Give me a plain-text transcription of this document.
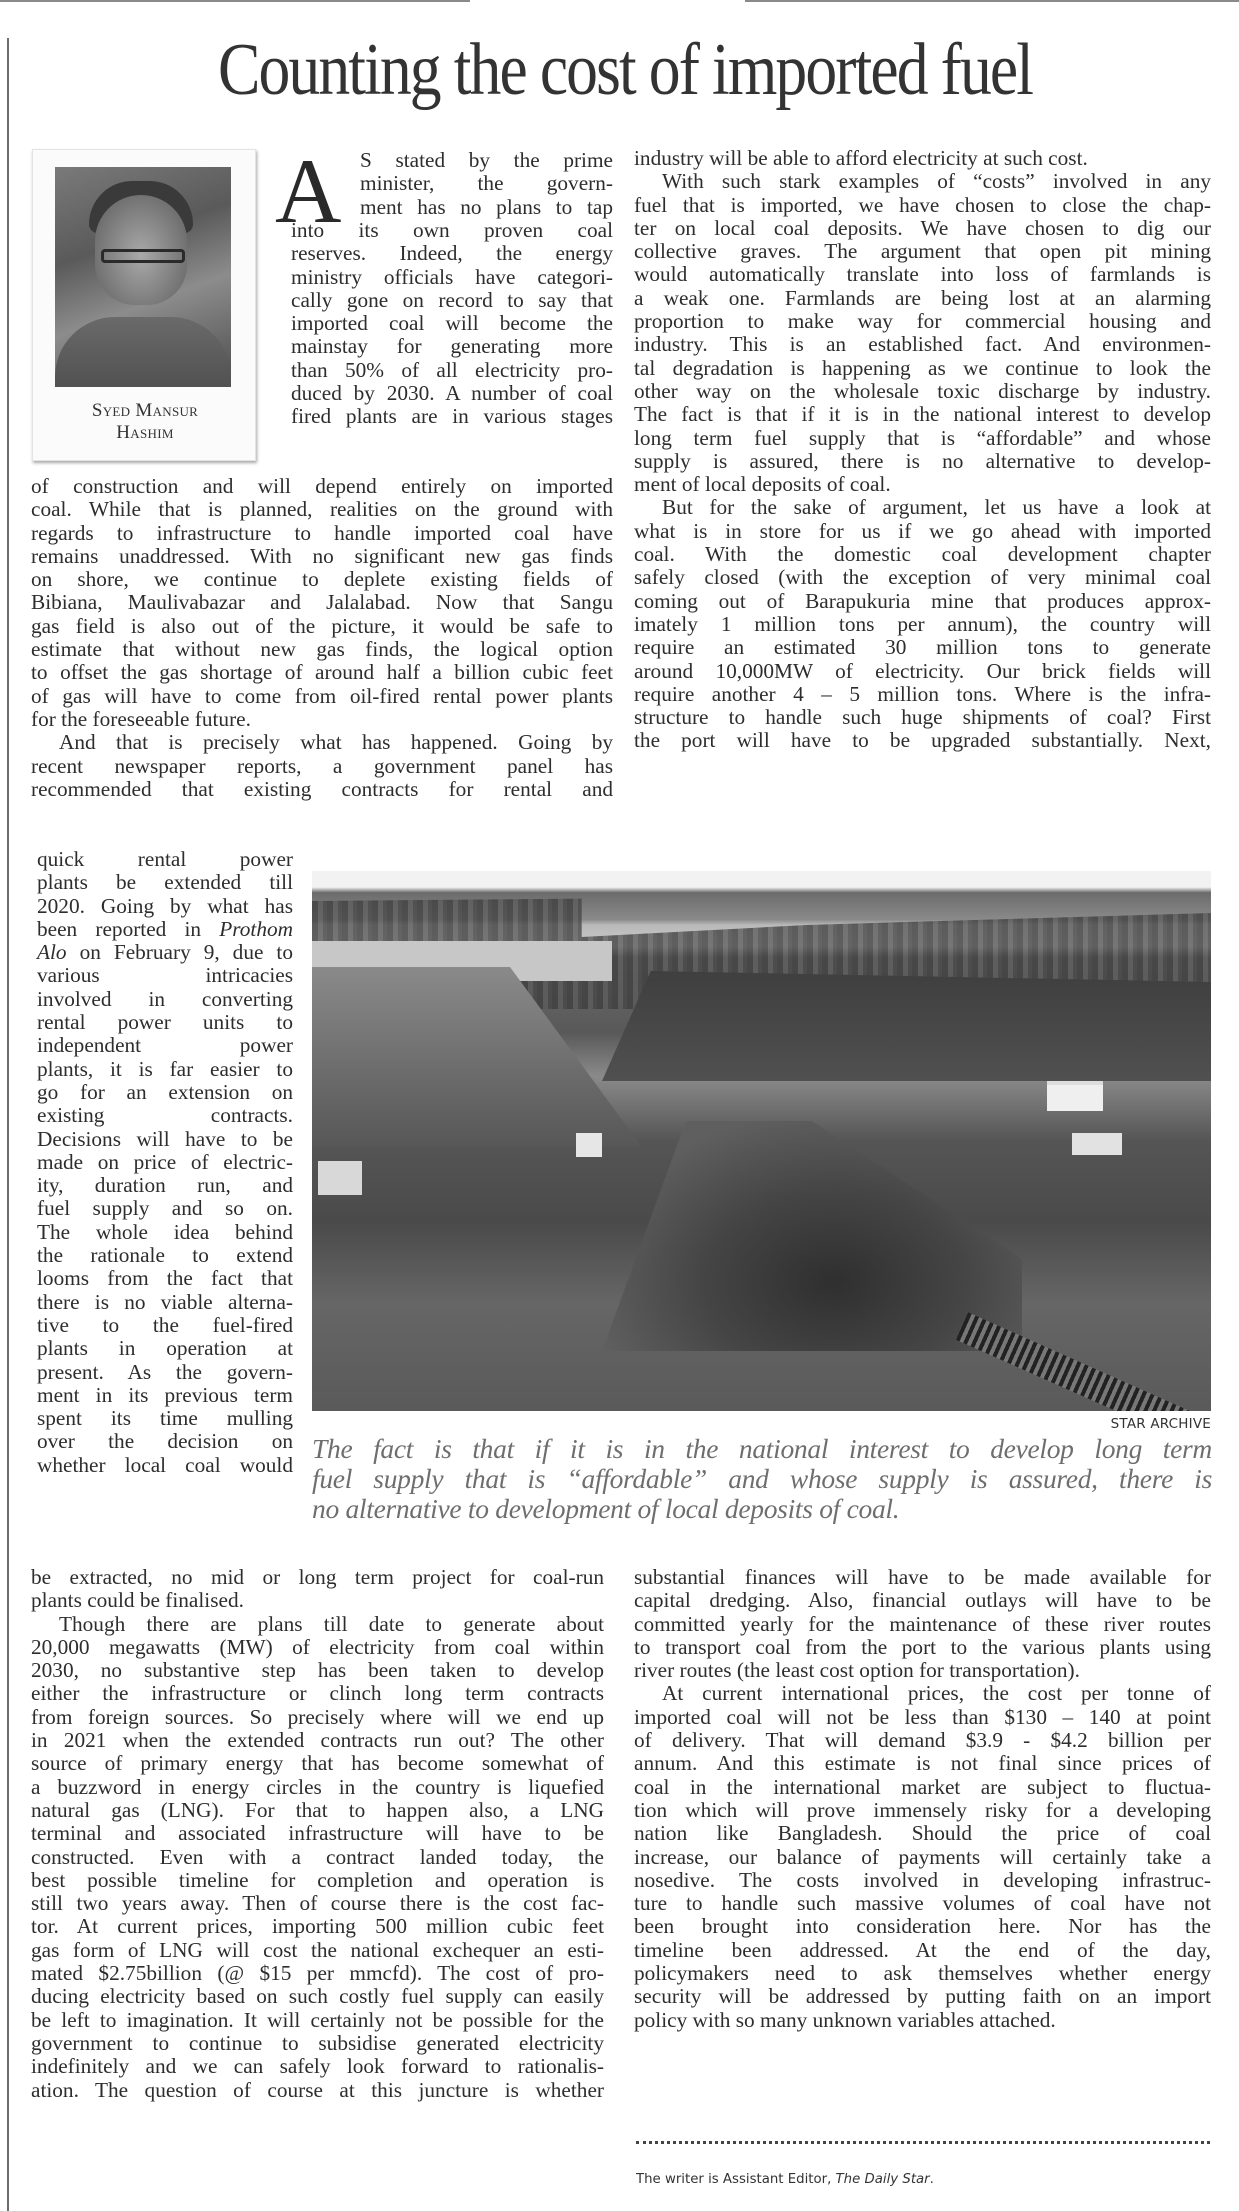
Counting the cost of imported fuel
Syed Mansur
Hashim
A S stated by the prime
minister, the govern-
ment has no plans to tap
into its own proven coal
reserves. Indeed, the energy
ministry officials have categori-
cally gone on record to say that
imported coal will become the
mainstay for generating more
than 50% of all electricity pro-
duced by 2030. A number of coal
fired plants are in various stages
of construction and will depend entirely on imported
coal. While that is planned, realities on the ground with
regards to infrastructure to handle imported coal have
remains unaddressed. With no significant new gas finds
on shore, we continue to deplete existing fields of
Bibiana, Maulivabazar and Jalalabad. Now that Sangu
gas field is also out of the picture, it would be safe to
estimate that without new gas finds, the logical option
to offset the gas shortage of around half a billion cubic feet
of gas will have to come from oil-fired rental power plants
for the foreseeable future.
And that is precisely what has happened. Going by
recent newspaper reports, a government panel has
recommended that existing contracts for rental and
quick rental power
plants be extended till
2020. Going by what has
been reported in Prothom
Alo on February 9, due to
various intricacies
involved in converting
rental power units to
independent power
plants, it is far easier to
go for an extension on
existing contracts.
Decisions will have to be
made on price of electric-
ity, duration run, and
fuel supply and so on.
The whole idea behind
the rationale to extend
looms from the fact that
there is no viable alterna-
tive to the fuel-fired
plants in operation at
present. As the govern-
ment in its previous term
spent its time mulling
over the decision on
whether local coal would
be extracted, no mid or long term project for coal-run
plants could be finalised.
Though there are plans till date to generate about
20,000 megawatts (MW) of electricity from coal within
2030, no substantive step has been taken to develop
either the infrastructure or clinch long term contracts
from foreign sources. So precisely where will we end up
in 2021 when the extended contracts run out? The other
source of primary energy that has become somewhat of
a buzzword in energy circles in the country is liquefied
natural gas (LNG). For that to happen also, a LNG
terminal and associated infrastructure will have to be
constructed. Even with a contract landed today, the
best possible timeline for completion and operation is
still two years away. Then of course there is the cost fac-
tor. At current prices, importing 500 million cubic feet
gas form of LNG will cost the national exchequer an esti-
mated $2.75billion (@ $15 per mmcfd). The cost of pro-
ducing electricity based on such costly fuel supply can easily
be left to imagination. It will certainly not be possible for the
government to continue to subsidise generated electricity
indefinitely and we can safely look forward to rationalis-
ation. The question of course at this juncture is whether
industry will be able to afford electricity at such cost.
With such stark examples of “costs” involved in any
fuel that is imported, we have chosen to close the chap-
ter on local coal deposits. We have chosen to dig our
collective graves. The argument that open pit mining
would automatically translate into loss of farmlands is
a weak one. Farmlands are being lost at an alarming
proportion to make way for commercial housing and
industry. This is an established fact. And environmen-
tal degradation is happening as we continue to look the
other way on the wholesale toxic discharge by industry.
The fact is that if it is in the national interest to develop
long term fuel supply that is “affordable” and whose
supply is assured, there is no alternative to develop-
ment of local deposits of coal.
But for the sake of argument, let us have a look at
what is in store for us if we go ahead with imported
coal. With the domestic coal development chapter
safely closed (with the exception of very minimal coal
coming out of Barapukuria mine that produces approx-
imately 1 million tons per annum), the country will
require an estimated 30 million tons to generate
around 10,000MW of electricity. Our brick fields will
require another 4 – 5 million tons. Where is the infra-
structure to handle such huge shipments of coal? First
the port will have to be upgraded substantially. Next,
substantial finances will have to be made available for
capital dredging. Also, financial outlays will have to be
committed yearly for the maintenance of these river routes
to transport coal from the port to the various plants using
river routes (the least cost option for transportation).
At current international prices, the cost per tonne of
imported coal will not be less than $130 – 140 at point
of delivery. That will demand $3.9 - $4.2 billion per
annum. And this estimate is not final since prices of
coal in the international market are subject to fluctua-
tion which will prove immensely risky for a developing
nation like Bangladesh. Should the price of coal
increase, our balance of payments will certainly take a
nosedive. The costs involved in developing infrastruc-
ture to handle such massive volumes of coal have not
been brought into consideration here. Nor has the
timeline been addressed. At the end of the day,
policymakers need to ask themselves whether energy
security will be addressed by putting faith on an import
policy with so many unknown variables attached.
STAR ARCHIVE
The fact is that if it is in the national interest to develop long term
fuel supply that is “affordable” and whose supply is assured, there is
no alternative to development of local deposits of coal.
The writer is Assistant Editor, The Daily Star.
